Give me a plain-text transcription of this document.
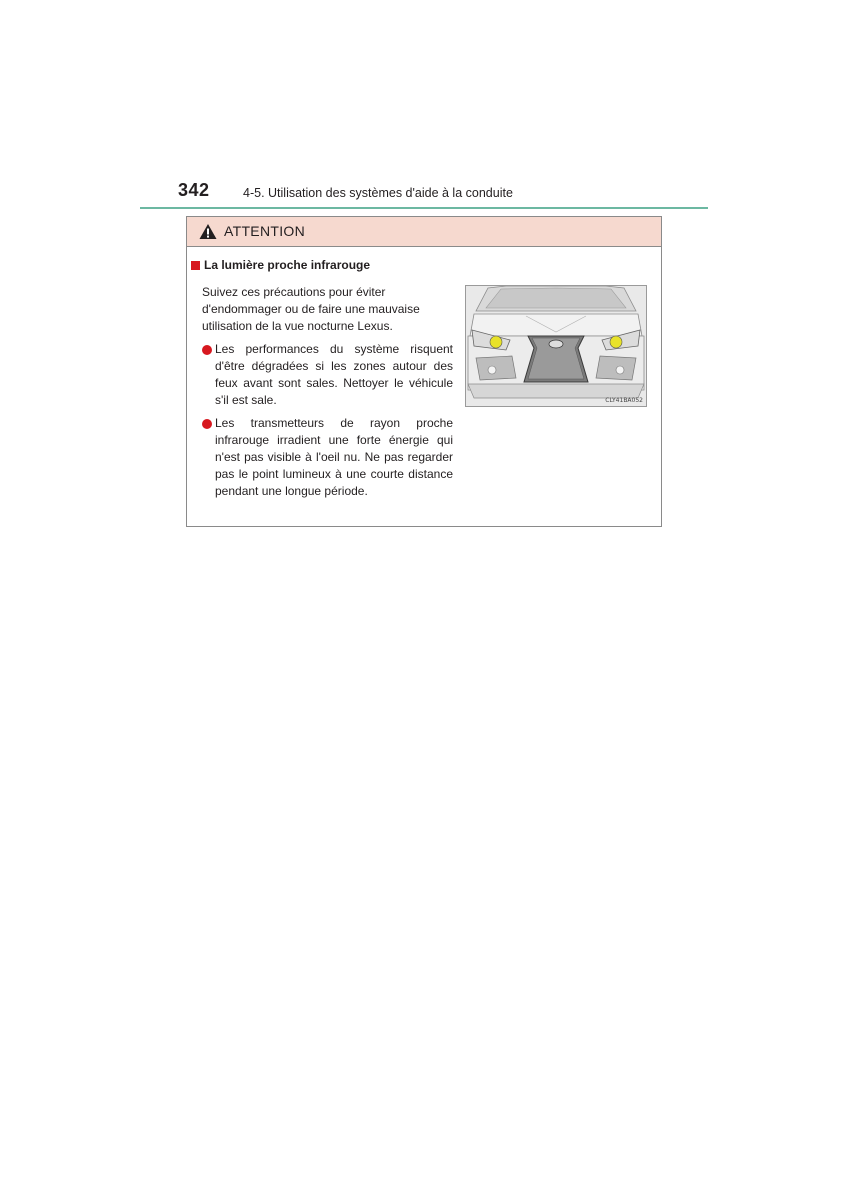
342	4-5. Utilisation des systèmes d'aide à la conduite
ATTENTION
La lumière proche infrarouge
Suivez ces précautions pour éviter d'endommager ou de faire une mauvaise utilisation de la vue nocturne Lexus.
Les performances du système risquent d'être dégradées si les zones autour des feux avant sont sales. Nettoyer le véhicule s'il est sale.
Les transmetteurs de rayon proche infrarouge irradient une forte énergie qui n'est pas visible à l'oeil nu. Ne pas regarder pas le point lumineux à une courte distance pendant une longue période.
CLY41BA052
